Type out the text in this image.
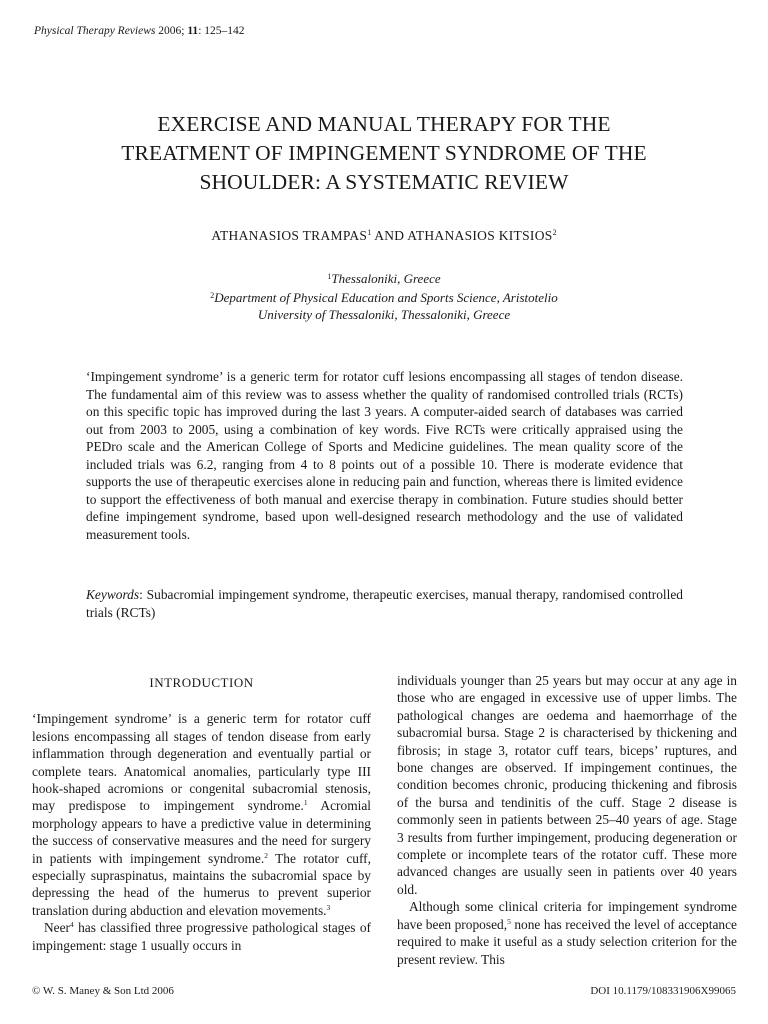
Physical Therapy Reviews 2006; 11: 125–142
EXERCISE AND MANUAL THERAPY FOR THE
TREATMENT OF IMPINGEMENT SYNDROME OF THE
SHOULDER: A SYSTEMATIC REVIEW
ATHANASIOS TRAMPAS$^1$ AND ATHANASIOS KITSIOS$^2$
$^1$Thessaloniki, Greece
$^2$Department of Physical Education and Sports Science, Aristotelio
University of Thessaloniki, Thessaloniki, Greece
‘Impingement syndrome’ is a generic term for rotator cuff lesions encompassing all stages of tendon disease. The fundamental aim of this review was to assess whether the quality of randomised controlled trials (RCTs) on this specific topic has improved during the last 3 years. A computer-aided search of databases was carried out from 2003 to 2005, using a combination of key words. Five RCTs were critically appraised using the PEDro scale and the American College of Sports and Medicine guidelines. The mean quality score of the included trials was 6.2, ranging from 4 to 8 points out of a possible 10. There is moderate evidence that supports the use of therapeutic exercises alone in reducing pain and function, whereas there is limited evidence to support the effectiveness of both manual and exercise therapy in combination. Future studies should better define impingement syndrome, based upon well-designed research methodology and the use of validated measurement tools.
Keywords: Subacromial impingement syndrome, therapeutic exercises, manual therapy, randomised controlled trials (RCTs)
INTRODUCTION

‘Impingement syndrome’ is a generic term for rotator cuff lesions encompassing all stages of tendon disease from early inflammation through degeneration and eventually partial or complete tears. Anatomical anomalies, particularly type III hook-shaped acromions or congenital subacromial stenosis, may predispose to impingement syndrome.$^1$ Acromial morphology appears to have a predictive value in determining the success of conservative measures and the need for surgery in patients with impingement syndrome.$^2$ The rotator cuff, especially supraspinatus, maintains the subacromial space by depressing the head of the humerus to prevent superior translation during abduction and elevation movements.$^3$

Neer$^4$ has classified three progressive pathological stages of impingement: stage 1 usually occurs in

individuals younger than 25 years but may occur at any age in those who are engaged in excessive use of upper limbs. The pathological changes are oedema and haemorrhage of the subacromial bursa. Stage 2 is characterised by thickening and fibrosis; in stage 3, rotator cuff tears, biceps’ ruptures, and bone changes are observed. If impingement continues, the condition becomes chronic, producing thickening and fibrosis of the bursa and tendinitis of the cuff. Stage 2 disease is commonly seen in patients between 25–40 years of age. Stage 3 results from further impingement, producing degeneration or complete or incomplete tears of the rotator cuff. These more advanced changes are usually seen in patients over 40 years old.

Although some clinical criteria for impingement syndrome have been proposed,$^5$ none has received the level of acceptance required to make it useful as a study selection criterion for the present review. This

© W. S. Maney & Son Ltd 2006	DOI 10.1179/108331906X99065
